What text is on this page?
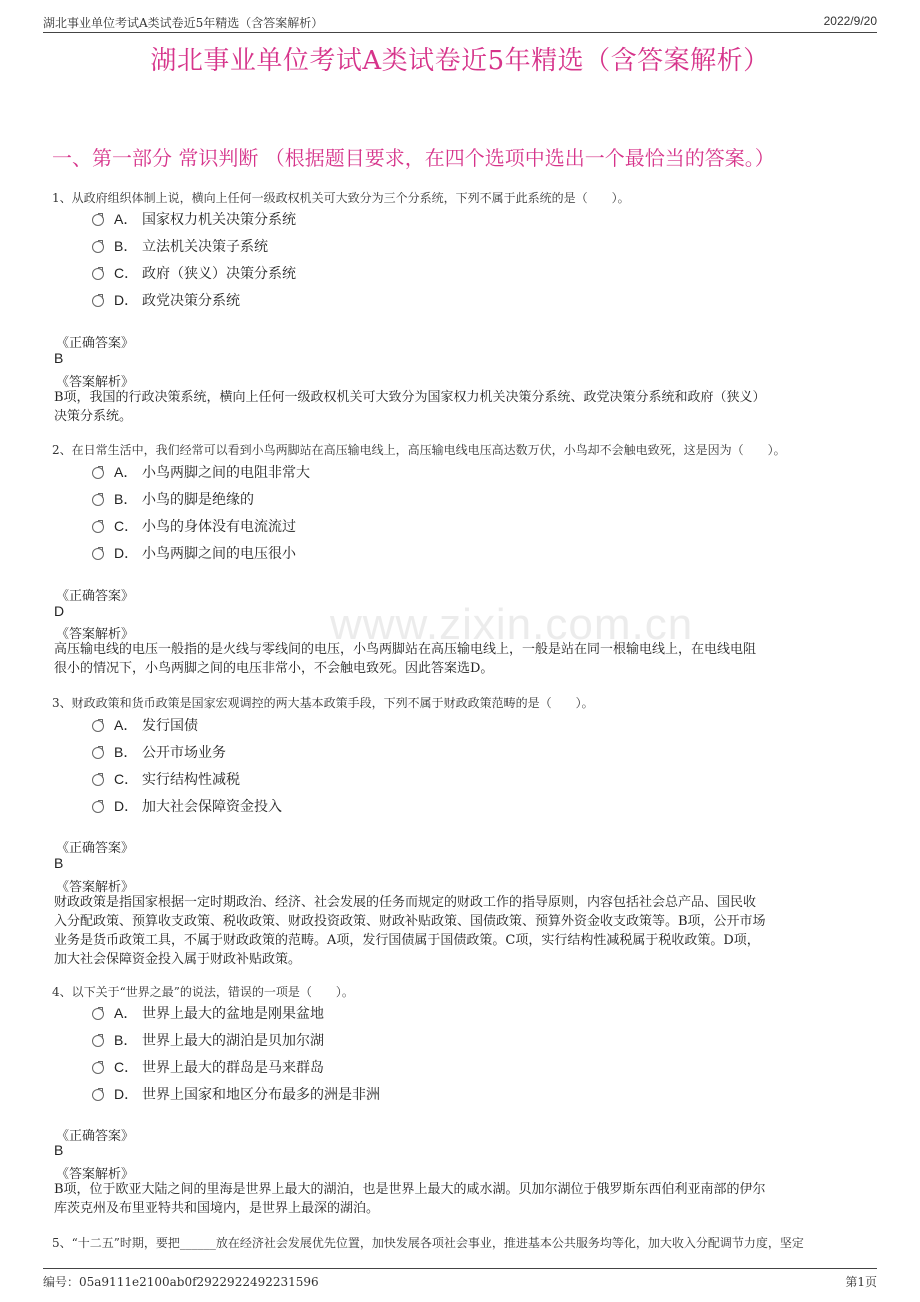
湖北事业单位考试A类试卷近5年精选（含答案解析）	2022/9/20
湖北事业单位考试A类试卷近5年精选（含答案解析）
一、第一部分 常识判断 （根据题目要求，在四个选项中选出一个最恰当的答案。）
www.zixin.com.cn
1、从政府组织体制上说，横向上任何一级政权机关可大致分为三个分系统，下列不属于此系统的是（　　）。
A． 国家权力机关决策分系统
B． 立法机关决策子系统
C． 政府（狭义）决策分系统
D． 政党决策分系统
《正确答案》
B
《答案解析》
B项，我国的行政决策系统，横向上任何一级政权机关可大致分为国家权力机关决策分系统、政党决策分系统和政府（狭义）
决策分系统。
2、在日常生活中，我们经常可以看到小鸟两脚站在高压输电线上，高压输电线电压高达数万伏，小鸟却不会触电致死，这是因为（　　）。
A． 小鸟两脚之间的电阻非常大
B． 小鸟的脚是绝缘的
C． 小鸟的身体没有电流流过
D． 小鸟两脚之间的电压很小
《正确答案》
D
《答案解析》
高压输电线的电压一般指的是火线与零线间的电压，小鸟两脚站在高压输电线上，一般是站在同一根输电线上，在电线电阻
很小的情况下，小鸟两脚之间的电压非常小，不会触电致死。因此答案选D。
3、财政政策和货币政策是国家宏观调控的两大基本政策手段，下列不属于财政政策范畴的是（　　）。
A． 发行国债
B． 公开市场业务
C． 实行结构性减税
D． 加大社会保障资金投入
《正确答案》
B
《答案解析》
财政政策是指国家根据一定时期政治、经济、社会发展的任务而规定的财政工作的指导原则，内容包括社会总产品、国民收
入分配政策、预算收支政策、税收政策、财政投资政策、财政补贴政策、国债政策、预算外资金收支政策等。B项，公开市场
业务是货币政策工具，不属于财政政策的范畴。A项，发行国债属于国债政策。C项，实行结构性减税属于税收政策。D项，
加大社会保障资金投入属于财政补贴政策。
4、以下关于“世界之最”的说法，错误的一项是（　　）。
A． 世界上最大的盆地是刚果盆地
B． 世界上最大的湖泊是贝加尔湖
C． 世界上最大的群岛是马来群岛
D． 世界上国家和地区分布最多的洲是非洲
《正确答案》
B
《答案解析》
B项，位于欧亚大陆之间的里海是世界上最大的湖泊，也是世界上最大的咸水湖。贝加尔湖位于俄罗斯东西伯利亚南部的伊尔
库茨克州及布里亚特共和国境内，是世界上最深的湖泊。
5、“十二五”时期，要把______放在经济社会发展优先位置，加快发展各项社会事业，推进基本公共服务均等化，加大收入分配调节力度，坚定
编号：05a9111e2100ab0f2922922492231596	第1页
